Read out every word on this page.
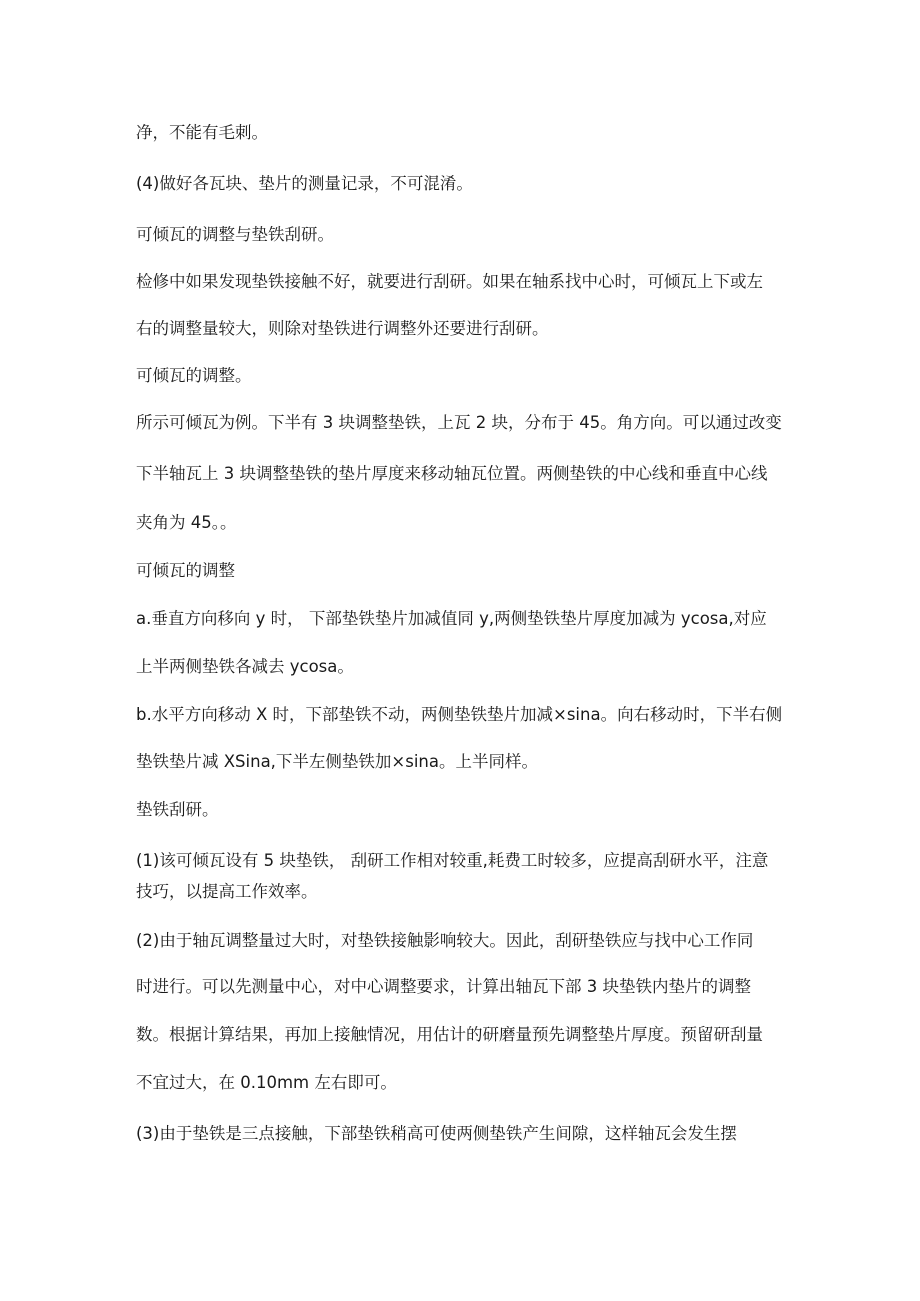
净，不能有毛刺。
(4)做好各瓦块、垫片的测量记录，不可混淆。
可倾瓦的调整与垫铁刮研。
检修中如果发现垫铁接触不好，就要进行刮研。如果在轴系找中心时，可倾瓦上下或左
右的调整量较大，则除对垫铁进行调整外还要进行刮研。
可倾瓦的调整。
所示可倾瓦为例。下半有 3 块调整垫铁，上瓦 2 块，分布于 45。角方向。可以通过改变
下半轴瓦上 3 块调整垫铁的垫片厚度来移动轴瓦位置。两侧垫铁的中心线和垂直中心线
夹角为 45。。
可倾瓦的调整
a.垂直方向移向 y 时， 下部垫铁垫片加减值同 y,两侧垫铁垫片厚度加减为 ycosa,对应
上半两侧垫铁各减去 ycosa。
b.水平方向移动 X 时，下部垫铁不动，两侧垫铁垫片加减×sina。向右移动时，下半右侧
垫铁垫片减 XSina,下半左侧垫铁加×sina。上半同样。
垫铁刮研。
(1)该可倾瓦设有 5 块垫铁， 刮研工作相对较重,耗费工时较多，应提高刮研水平，注意
技巧，以提高工作效率。
(2)由于轴瓦调整量过大时，对垫铁接触影响较大。因此，刮研垫铁应与找中心工作同
时进行。可以先测量中心，对中心调整要求，计算出轴瓦下部 3 块垫铁内垫片的调整
数。根据计算结果，再加上接触情况，用估计的研磨量预先调整垫片厚度。预留研刮量
不宜过大，在 0.10mm 左右即可。
(3)由于垫铁是三点接触，下部垫铁稍高可使两侧垫铁产生间隙，这样轴瓦会发生摆
